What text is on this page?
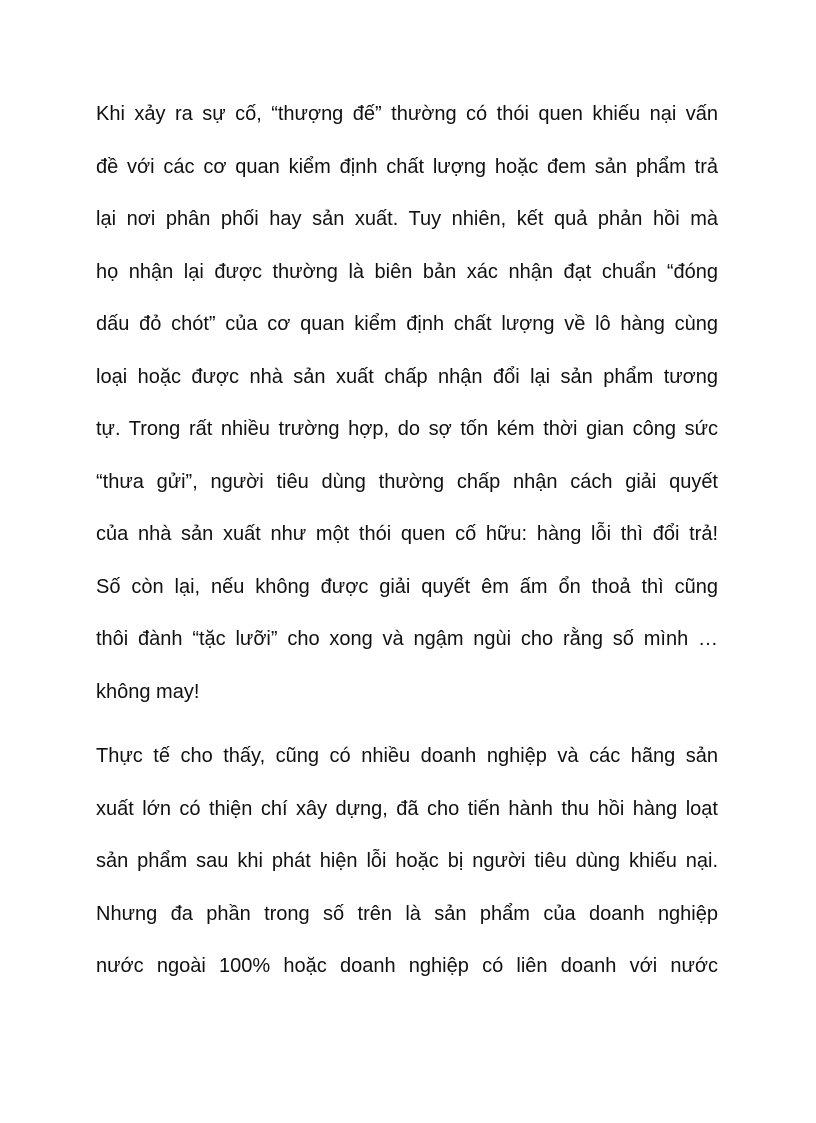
Khi xảy ra sự cố, “thượng đế” thường có thói quen khiếu nại vấn
đề với các cơ quan kiểm định chất lượng hoặc đem sản phẩm trả
lại nơi phân phối hay sản xuất. Tuy nhiên, kết quả phản hồi mà
họ nhận lại được thường là biên bản xác nhận đạt chuẩn “đóng
dấu đỏ chót” của cơ quan kiểm định chất lượng về lô hàng cùng
loại hoặc được nhà sản xuất chấp nhận đổi lại sản phẩm tương
tự. Trong rất nhiều trường hợp, do sợ tốn kém thời gian công sức
“thưa gửi”, người tiêu dùng thường chấp nhận cách giải quyết
của nhà sản xuất như một thói quen cố hữu: hàng lỗi thì đổi trả!
Số còn lại, nếu không được giải quyết êm ấm ổn thoả thì cũng
thôi đành “tặc lưỡi” cho xong và ngậm ngùi cho rằng số mình …
không may!
Thực tế cho thấy, cũng có nhiều doanh nghiệp và các hãng sản
xuất lớn có thiện chí xây dựng, đã cho tiến hành thu hồi hàng loạt
sản phẩm sau khi phát hiện lỗi hoặc bị người tiêu dùng khiếu nại.
Nhưng đa phần trong số trên là sản phẩm của doanh nghiệp
nước ngoài 100% hoặc doanh nghiệp có liên doanh với nước
